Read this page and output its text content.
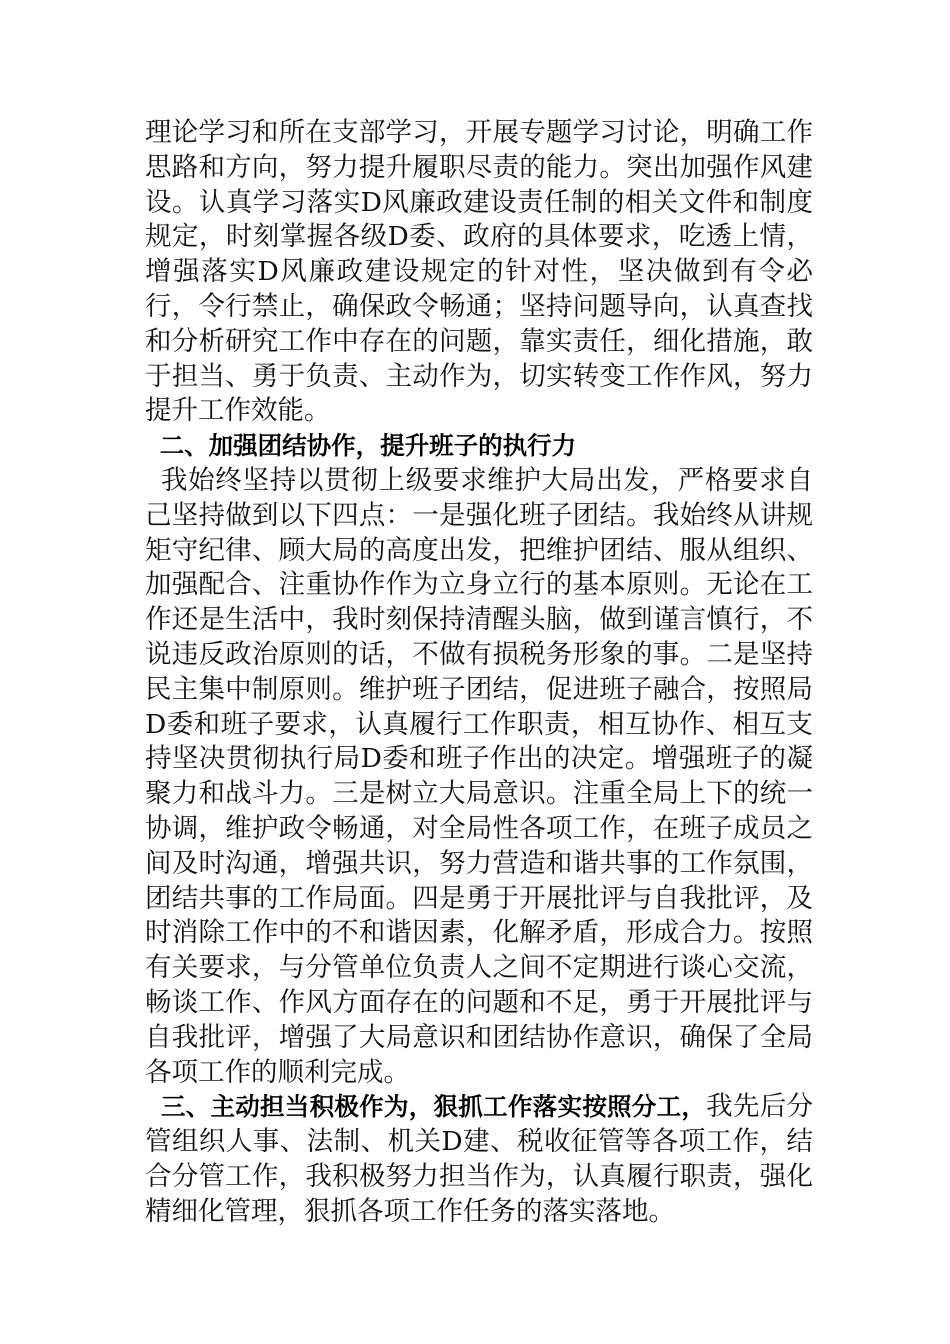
理论学习和所在支部学习，开展专题学习讨论，明确工作思路和方向，努力提升履职尽责的能力。突出加强作风建设。认真学习落实D风廉政建设责任制的相关文件和制度规定，时刻掌握各级D委、政府的具体要求，吃透上情，增强落实D风廉政建设规定的针对性，坚决做到有令必行，令行禁止，确保政令畅通；坚持问题导向，认真查找和分析研究工作中存在的问题，靠实责任，细化措施，敢于担当、勇于负责、主动作为，切实转变工作作风，努力提升工作效能。

二、加强团结协作，提升班子的执行力

我始终坚持以贯彻上级要求维护大局出发，严格要求自己坚持做到以下四点：一是强化班子团结。我始终从讲规矩守纪律、顾大局的高度出发，把维护团结、服从组织、加强配合、注重协作作为立身立行的基本原则。无论在工作还是生活中，我时刻保持清醒头脑，做到谨言慎行，不说违反政治原则的话，不做有损税务形象的事。二是坚持民主集中制原则。维护班子团结，促进班子融合，按照局D委和班子要求，认真履行工作职责，相互协作、相互支持坚决贯彻执行局D委和班子作出的决定。增强班子的凝聚力和战斗力。三是树立大局意识。注重全局上下的统一协调，维护政令畅通，对全局性各项工作，在班子成员之间及时沟通，增强共识，努力营造和谐共事的工作氛围，团结共事的工作局面。四是勇于开展批评与自我批评，及时消除工作中的不和谐因素，化解矛盾，形成合力。按照有关要求，与分管单位负责人之间不定期进行谈心交流，畅谈工作、作风方面存在的问题和不足，勇于开展批评与自我批评，增强了大局意识和团结协作意识，确保了全局各项工作的顺利完成。

三、主动担当积极作为，狠抓工作落实按照分工，我先后分管组织人事、法制、机关D建、税收征管等各项工作，结合分管工作，我积极努力担当作为，认真履行职责，强化精细化管理，狠抓各项工作任务的落实落地。
